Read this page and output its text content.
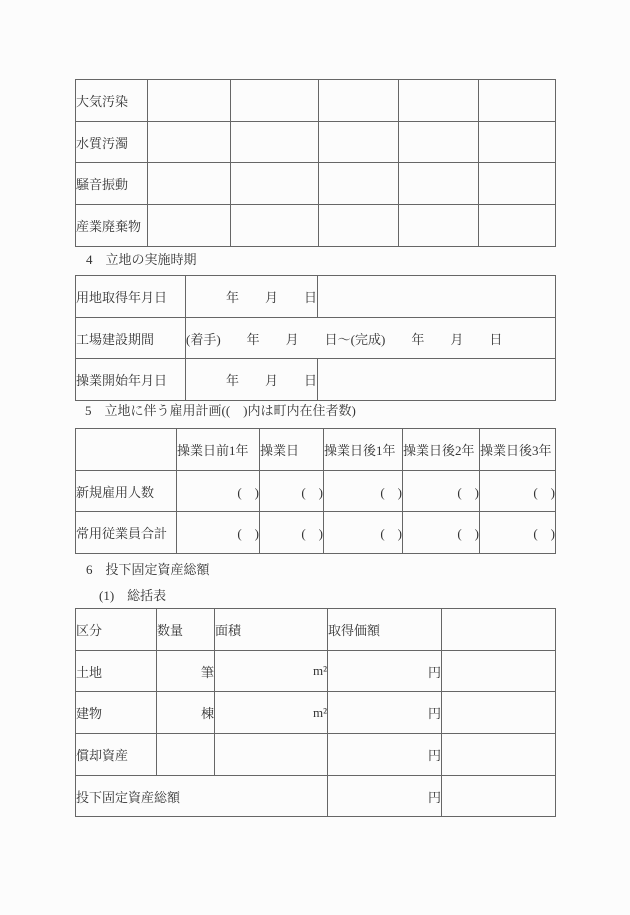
大気汚染					
水質汚濁					
騒音振動					
産業廃棄物					
4　立地の実施時期
用地取得年月日	年　　月　　日	
工場建設期間	(着手)　　年　　月　　日～(完成)　　年　　月　　日	
操業開始年月日	年　　月　　日	
5　立地に伴う雇用計画((　)内は町内在住者数)
	操業日前1年	操業日	操業日後1年	操業日後2年	操業日後3年
新規雇用人数	(　)	(　)	(　)	(　)	(　)
常用従業員合計	(　)	(　)	(　)	(　)	(　)
6　投下固定資産総額
(1)　総括表
区分	数量	面積	取得価額	
土地	筆	m²	円	
建物	棟	m²	円	
償却資産			円	
投下固定資産総額			円	
